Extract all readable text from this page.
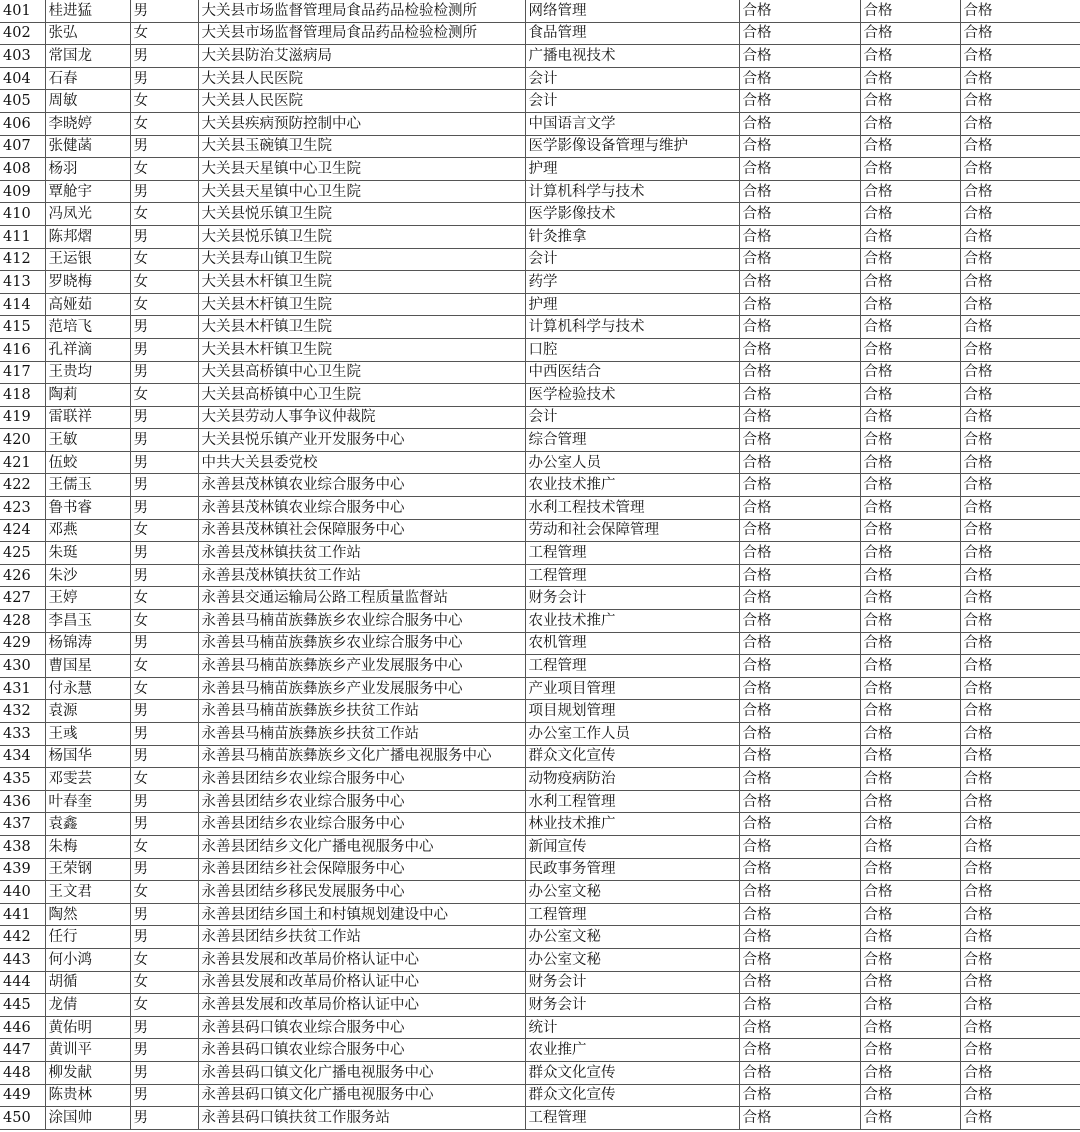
401	桂进猛	男	大关县市场监督管理局食品药品检验检测所	网络管理	合格	合格	合格
402	张弘	女	大关县市场监督管理局食品药品检验检测所	食品管理	合格	合格	合格
403	常国龙	男	大关县防治艾滋病局	广播电视技术	合格	合格	合格
404	石春	男	大关县人民医院	会计	合格	合格	合格
405	周敏	女	大关县人民医院	会计	合格	合格	合格
406	李晓婷	女	大关县疾病预防控制中心	中国语言文学	合格	合格	合格
407	张健菡	男	大关县玉碗镇卫生院	医学影像设备管理与维护	合格	合格	合格
408	杨羽	女	大关县天星镇中心卫生院	护理	合格	合格	合格
409	覃舱宇	男	大关县天星镇中心卫生院	计算机科学与技术	合格	合格	合格
410	冯凤光	女	大关县悦乐镇卫生院	医学影像技术	合格	合格	合格
411	陈邦熠	男	大关县悦乐镇卫生院	针灸推拿	合格	合格	合格
412	王运银	女	大关县寿山镇卫生院	会计	合格	合格	合格
413	罗晓梅	女	大关县木杆镇卫生院	药学	合格	合格	合格
414	高娅茹	女	大关县木杆镇卫生院	护理	合格	合格	合格
415	范培飞	男	大关县木杆镇卫生院	计算机科学与技术	合格	合格	合格
416	孔祥滴	男	大关县木杆镇卫生院	口腔	合格	合格	合格
417	王贵均	男	大关县高桥镇中心卫生院	中西医结合	合格	合格	合格
418	陶莉	女	大关县高桥镇中心卫生院	医学检验技术	合格	合格	合格
419	雷联祥	男	大关县劳动人事争议仲裁院	会计	合格	合格	合格
420	王敏	男	大关县悦乐镇产业开发服务中心	综合管理	合格	合格	合格
421	伍蛟	男	中共大关县委党校	办公室人员	合格	合格	合格
422	王儒玉	男	永善县茂林镇农业综合服务中心	农业技术推广	合格	合格	合格
423	鲁书睿	男	永善县茂林镇农业综合服务中心	水利工程技术管理	合格	合格	合格
424	邓燕	女	永善县茂林镇社会保障服务中心	劳动和社会保障管理	合格	合格	合格
425	朱珽	男	永善县茂林镇扶贫工作站	工程管理	合格	合格	合格
426	朱沙	男	永善县茂林镇扶贫工作站	工程管理	合格	合格	合格
427	王婷	女	永善县交通运输局公路工程质量监督站	财务会计	合格	合格	合格
428	李昌玉	女	永善县马楠苗族彝族乡农业综合服务中心	农业技术推广	合格	合格	合格
429	杨锦涛	男	永善县马楠苗族彝族乡农业综合服务中心	农机管理	合格	合格	合格
430	曹国星	女	永善县马楠苗族彝族乡产业发展服务中心	工程管理	合格	合格	合格
431	付永慧	女	永善县马楠苗族彝族乡产业发展服务中心	产业项目管理	合格	合格	合格
432	袁源	男	永善县马楠苗族彝族乡扶贫工作站	项目规划管理	合格	合格	合格
433	王彧	男	永善县马楠苗族彝族乡扶贫工作站	办公室工作人员	合格	合格	合格
434	杨国华	男	永善县马楠苗族彝族乡文化广播电视服务中心	群众文化宣传	合格	合格	合格
435	邓雯芸	女	永善县团结乡农业综合服务中心	动物疫病防治	合格	合格	合格
436	叶春奎	男	永善县团结乡农业综合服务中心	水利工程管理	合格	合格	合格
437	袁鑫	男	永善县团结乡农业综合服务中心	林业技术推广	合格	合格	合格
438	朱梅	女	永善县团结乡文化广播电视服务中心	新闻宣传	合格	合格	合格
439	王荣钢	男	永善县团结乡社会保障服务中心	民政事务管理	合格	合格	合格
440	王文君	女	永善县团结乡移民发展服务中心	办公室文秘	合格	合格	合格
441	陶然	男	永善县团结乡国土和村镇规划建设中心	工程管理	合格	合格	合格
442	任行	男	永善县团结乡扶贫工作站	办公室文秘	合格	合格	合格
443	何小鸿	女	永善县发展和改革局价格认证中心	办公室文秘	合格	合格	合格
444	胡循	女	永善县发展和改革局价格认证中心	财务会计	合格	合格	合格
445	龙倩	女	永善县发展和改革局价格认证中心	财务会计	合格	合格	合格
446	黄佑明	男	永善县码口镇农业综合服务中心	统计	合格	合格	合格
447	黄训平	男	永善县码口镇农业综合服务中心	农业推广	合格	合格	合格
448	柳发献	男	永善县码口镇文化广播电视服务中心	群众文化宣传	合格	合格	合格
449	陈贵林	男	永善县码口镇文化广播电视服务中心	群众文化宣传	合格	合格	合格
450	涂国帅	男	永善县码口镇扶贫工作服务站	工程管理	合格	合格	合格
